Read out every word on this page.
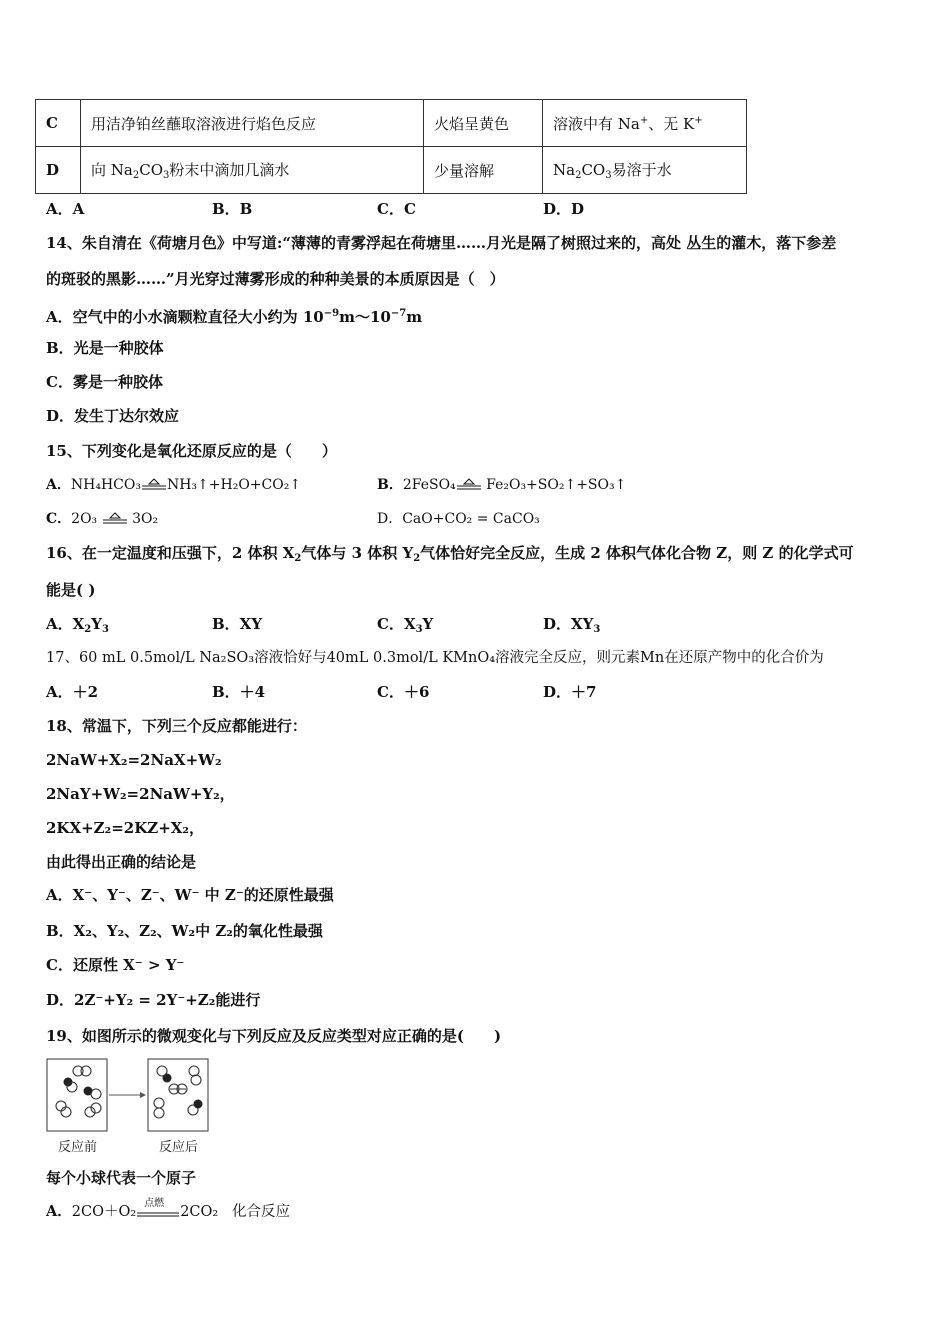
C	用洁净铂丝蘸取溶液进行焰色反应	火焰呈黄色	溶液中有 Na+、无 K+
D	向 $Na_2CO_3$粉末中滴加几滴水	少量溶解	$Na_2CO_3$易溶于水
A．A	B．B	C．C	D．D
14、朱自清在《荷塘月色》中写道:“薄薄的青雾浮起在荷塘里……月光是隔了树照过来的，高处 丛生的灌木，落下参差
的斑驳的黑影……”月光穿过薄雾形成的种种美景的本质原因是（　）
A．空气中的小水滴颗粒直径大小约为 $10^{-9}m\sim 10^{-7}m$
B．光是一种胶体
C．雾是一种胶体
D．发生丁达尔效应
15、下列变化是氧化还原反应的是（　　）
A．NH₄HCO₃ NH₃↑+H₂O+CO₂↑	B．2FeSO₄ Fe₂O₃+SO₂↑+SO₃↑
C．2O₃ 3O₂	D．CaO+CO₂ = CaCO₃
16、在一定温度和压强下，2 体积 $X_2$气体与 3 体积 $Y_2$气体恰好完全反应，生成 2 体积气体化合物 Z，则 Z 的化学式可
能是( )
A．$X_2Y_3$	B．XY	C．$X_3Y$	D．$XY_3$
17、60 mL 0.5mol/L Na₂SO₃溶液恰好与40mL 0.3mol/L KMnO₄溶液完全反应，则元素Mn在还原产物中的化合价为
A．＋2	B．＋4	C．＋6	D．＋7
18、常温下，下列三个反应都能进行：
2NaW+X₂=2NaX+W₂
2NaY+W₂=2NaW+Y₂，
2KX+Z₂=2KZ+X₂，
由此得出正确的结论是
A．X⁻、Y⁻、Z⁻、W⁻ 中 Z⁻的还原性最强
B．X₂、Y₂、Z₂、W₂中 Z₂的氧化性最强
C．还原性 X⁻ > Y⁻
D．2Z⁻+Y₂ = 2Y⁻+Z₂能进行
19、如图所示的微观变化与下列反应及反应类型对应正确的是(　　)
反应前	反应后
每个小球代表一个原子
A．2CO＋O₂
点燃
2CO₂ 化合反应
